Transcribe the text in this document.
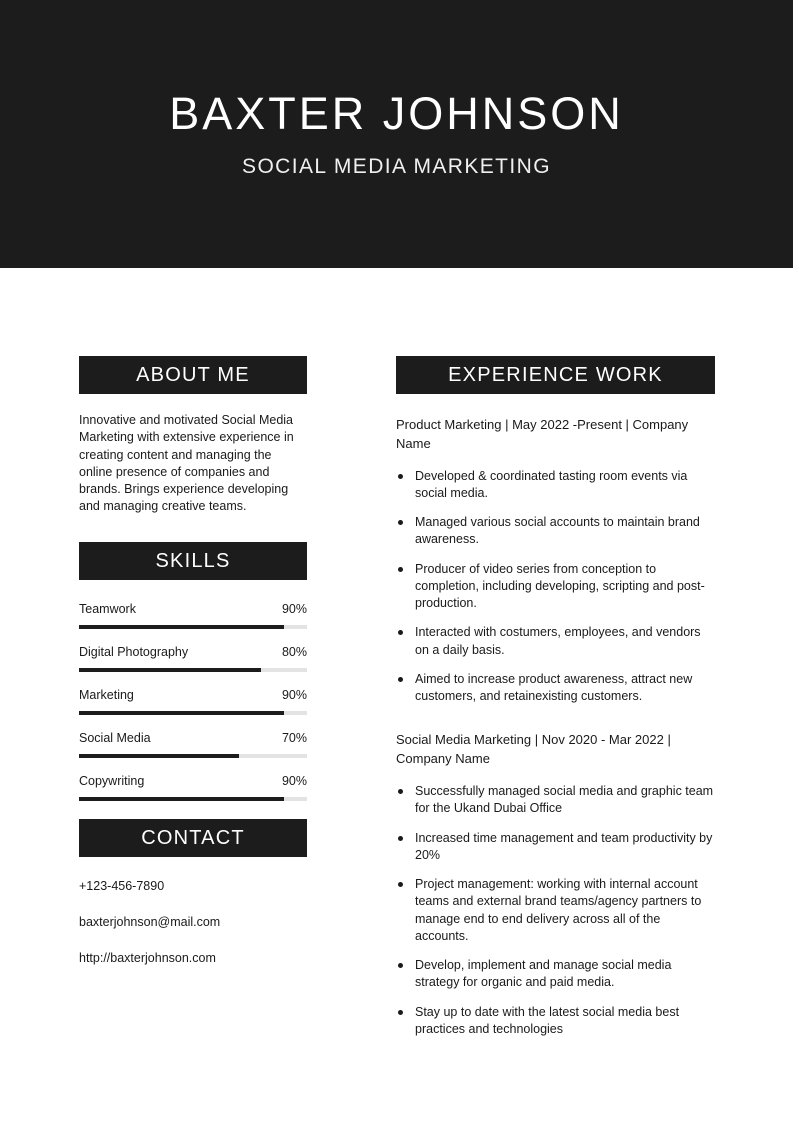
BAXTER JOHNSON
SOCIAL MEDIA MARKETING
ABOUT ME

Innovative and motivated Social Media Marketing with extensive experience in creating content and managing the online presence of companies and brands. Brings experience developing and managing creative teams.

SKILLS
Teamwork	90%
Digital Photography	80%
Marketing	90%
Social Media	70%
Copywriting	90%
CONTACT
+123-456-7890
baxterjohnson@mail.com
http://baxterjohnson.com
EXPERIENCE WORK

Product Marketing | May 2022 -Present | Company Name

Developed & coordinated tasting room events via social media.
Managed various social accounts to maintain brand awareness.
Producer of video series from conception to completion, including developing, scripting and post-production.
Interacted with costumers, employees, and vendors on a daily basis.
Aimed to increase product awareness, attract new customers, and retainexisting customers.

Social Media Marketing | Nov 2020 - Mar 2022 | Company Name

Successfully managed social media and graphic team for the Ukand Dubai Office
Increased time management and team productivity by 20%
Project management: working with internal account teams and external brand teams/agency partners to manage end to end delivery across all of the accounts.
Develop, implement and manage social media strategy for organic and paid media.
Stay up to date with the latest social media best practices and technologies
